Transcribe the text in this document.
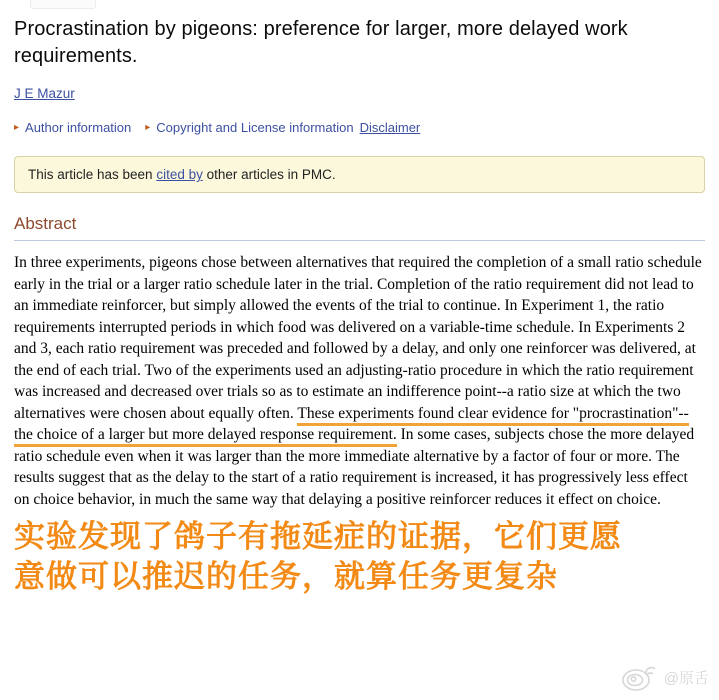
Procrastination by pigeons: preference for larger, more delayed work requirements.
J E Mazur
▸ Author information ▸ Copyright and License information Disclaimer
This article has been cited by other articles in PMC.
Abstract

In three experiments, pigeons chose between alternatives that required the completion of a small ratio schedule early in the trial or a larger ratio schedule later in the trial. Completion of the ratio requirement did not lead to an immediate reinforcer, but simply allowed the events of the trial to continue. In Experiment 1, the ratio requirements interrupted periods in which food was delivered on a variable-time schedule. In Experiments 2 and 3, each ratio requirement was preceded and followed by a delay, and only one reinforcer was delivered, at the end of each trial. Two of the experiments used an adjusting-ratio procedure in which the ratio requirement was increased and decreased over trials so as to estimate an indifference point--a ratio size at which the two alternatives were chosen about equally often. These experiments found clear evidence for "procrastination"--the choice of a larger but more delayed response requirement. In some cases, subjects chose the more delayed ratio schedule even when it was larger than the more immediate alternative by a factor of four or more. The results suggest that as the delay to the start of a ratio requirement is increased, it has progressively less effect on choice behavior, in much the same way that delaying a positive reinforcer reduces it effect on choice.

实验发现了鸽子有拖延症的证据，它们更愿
意做可以推迟的任务，就算任务更复杂
@原舌
